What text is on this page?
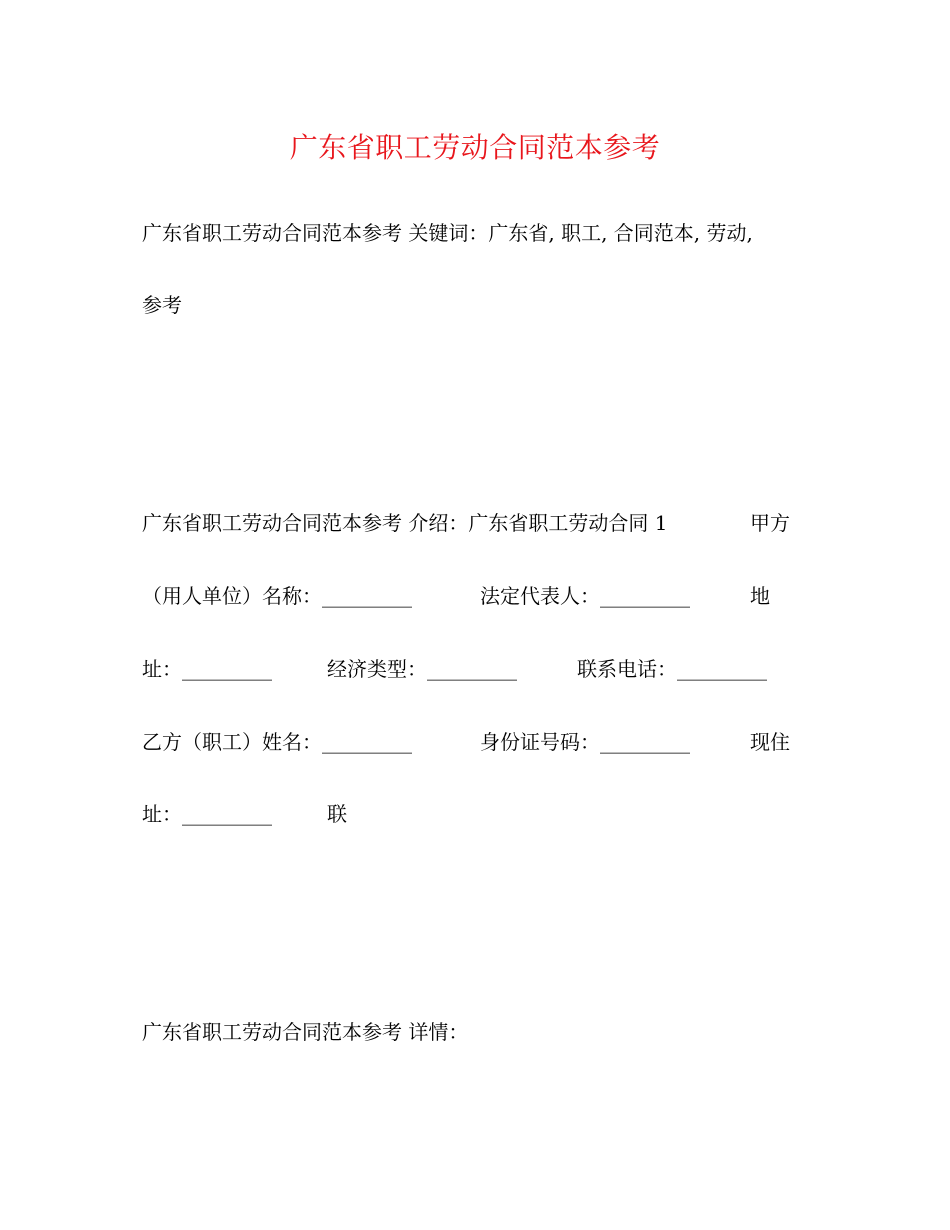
广东省职工劳动合同范本参考
广东省职工劳动合同范本参考 关键词：广东省, 职工, 合同范本, 劳动,
参考
广东省职工劳动合同范本参考 介绍：广东省职工劳动合同 1	甲方
（用人单位）名称：_________	法定代表人：_________	地
址：_________	经济类型：_________	联系电话：_________
乙方（职工）姓名：_________	身份证号码：_________	现住
址：_________	联
广东省职工劳动合同范本参考 详情：
